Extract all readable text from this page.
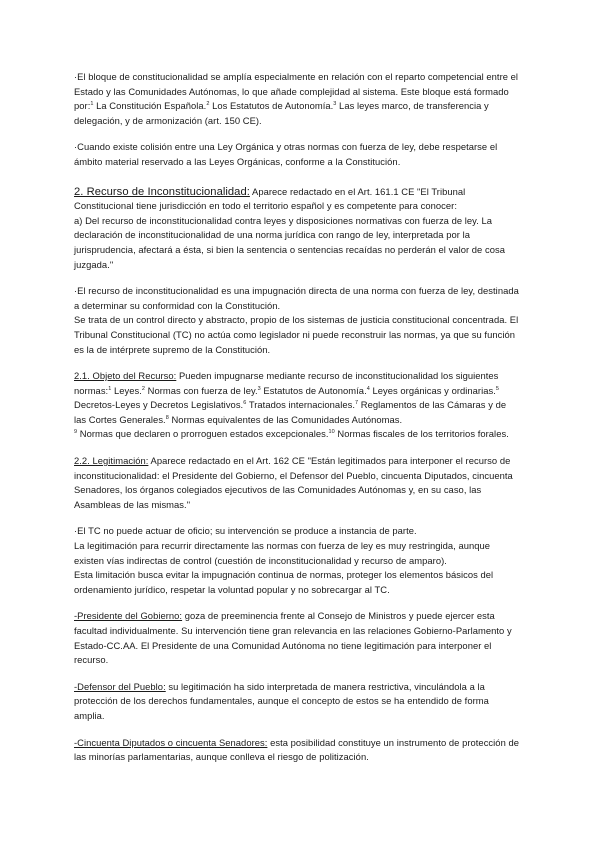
·El bloque de constitucionalidad se amplía especialmente en relación con el reparto competencial entre el Estado y las Comunidades Autónomas, lo que añade complejidad al sistema. Este bloque está formado por:$^1$ La Constitución Española.$^2$ Los Estatutos de Autonomía.$^3$ Las leyes marco, de transferencia y delegación, y de armonización (art. 150 CE).

·Cuando existe colisión entre una Ley Orgánica y otras normas con fuerza de ley, debe respetarse el ámbito material reservado a las Leyes Orgánicas, conforme a la Constitución.

2. Recurso de Inconstitucionalidad: Aparece redactado en el Art. 161.1 CE "El Tribunal Constitucional tiene jurisdicción en todo el territorio español y es competente para conocer:
a) Del recurso de inconstitucionalidad contra leyes y disposiciones normativas con fuerza de ley. La declaración de inconstitucionalidad de una norma jurídica con rango de ley, interpretada por la jurisprudencia, afectará a ésta, si bien la sentencia o sentencias recaídas no perderán el valor de cosa juzgada."

·El recurso de inconstitucionalidad es una impugnación directa de una norma con fuerza de ley, destinada a determinar su conformidad con la Constitución.
Se trata de un control directo y abstracto, propio de los sistemas de justicia constitucional concentrada. El Tribunal Constitucional (TC) no actúa como legislador ni puede reconstruir las normas, ya que su función es la de intérprete supremo de la Constitución.

2.1. Objeto del Recurso: Pueden impugnarse mediante recurso de inconstitucionalidad los siguientes normas:$^1$ Leyes.$^2$ Normas con fuerza de ley.$^3$ Estatutos de Autonomía.$^4$ Leyes orgánicas y ordinarias.$^5$ Decretos-Leyes y Decretos Legislativos.$^6$ Tratados internacionales.$^7$ Reglamentos de las Cámaras y de las Cortes Generales.$^8$ Normas equivalentes de las Comunidades Autónomas.
$^9$ Normas que declaren o prorroguen estados excepcionales.$^{10}$ Normas fiscales de los territorios forales.

2.2. Legitimación: Aparece redactado en el Art. 162 CE "Están legitimados para interponer el recurso de inconstitucionalidad: el Presidente del Gobierno, el Defensor del Pueblo, cincuenta Diputados, cincuenta Senadores, los órganos colegiados ejecutivos de las Comunidades Autónomas y, en su caso, las Asambleas de las mismas."

·El TC no puede actuar de oficio; su intervención se produce a instancia de parte.
La legitimación para recurrir directamente las normas con fuerza de ley es muy restringida, aunque existen vías indirectas de control (cuestión de inconstitucionalidad y recurso de amparo).
Esta limitación busca evitar la impugnación continua de normas, proteger los elementos básicos del ordenamiento jurídico, respetar la voluntad popular y no sobrecargar al TC.

-Presidente del Gobierno: goza de preeminencia frente al Consejo de Ministros y puede ejercer esta facultad individualmente. Su intervención tiene gran relevancia en las relaciones Gobierno-Parlamento y Estado-CC.AA. El Presidente de una Comunidad Autónoma no tiene legitimación para interponer el recurso.

-Defensor del Pueblo: su legitimación ha sido interpretada de manera restrictiva, vinculándola a la protección de los derechos fundamentales, aunque el concepto de estos se ha entendido de forma amplia.

-Cincuenta Diputados o cincuenta Senadores: esta posibilidad constituye un instrumento de protección de las minorías parlamentarias, aunque conlleva el riesgo de politización.
